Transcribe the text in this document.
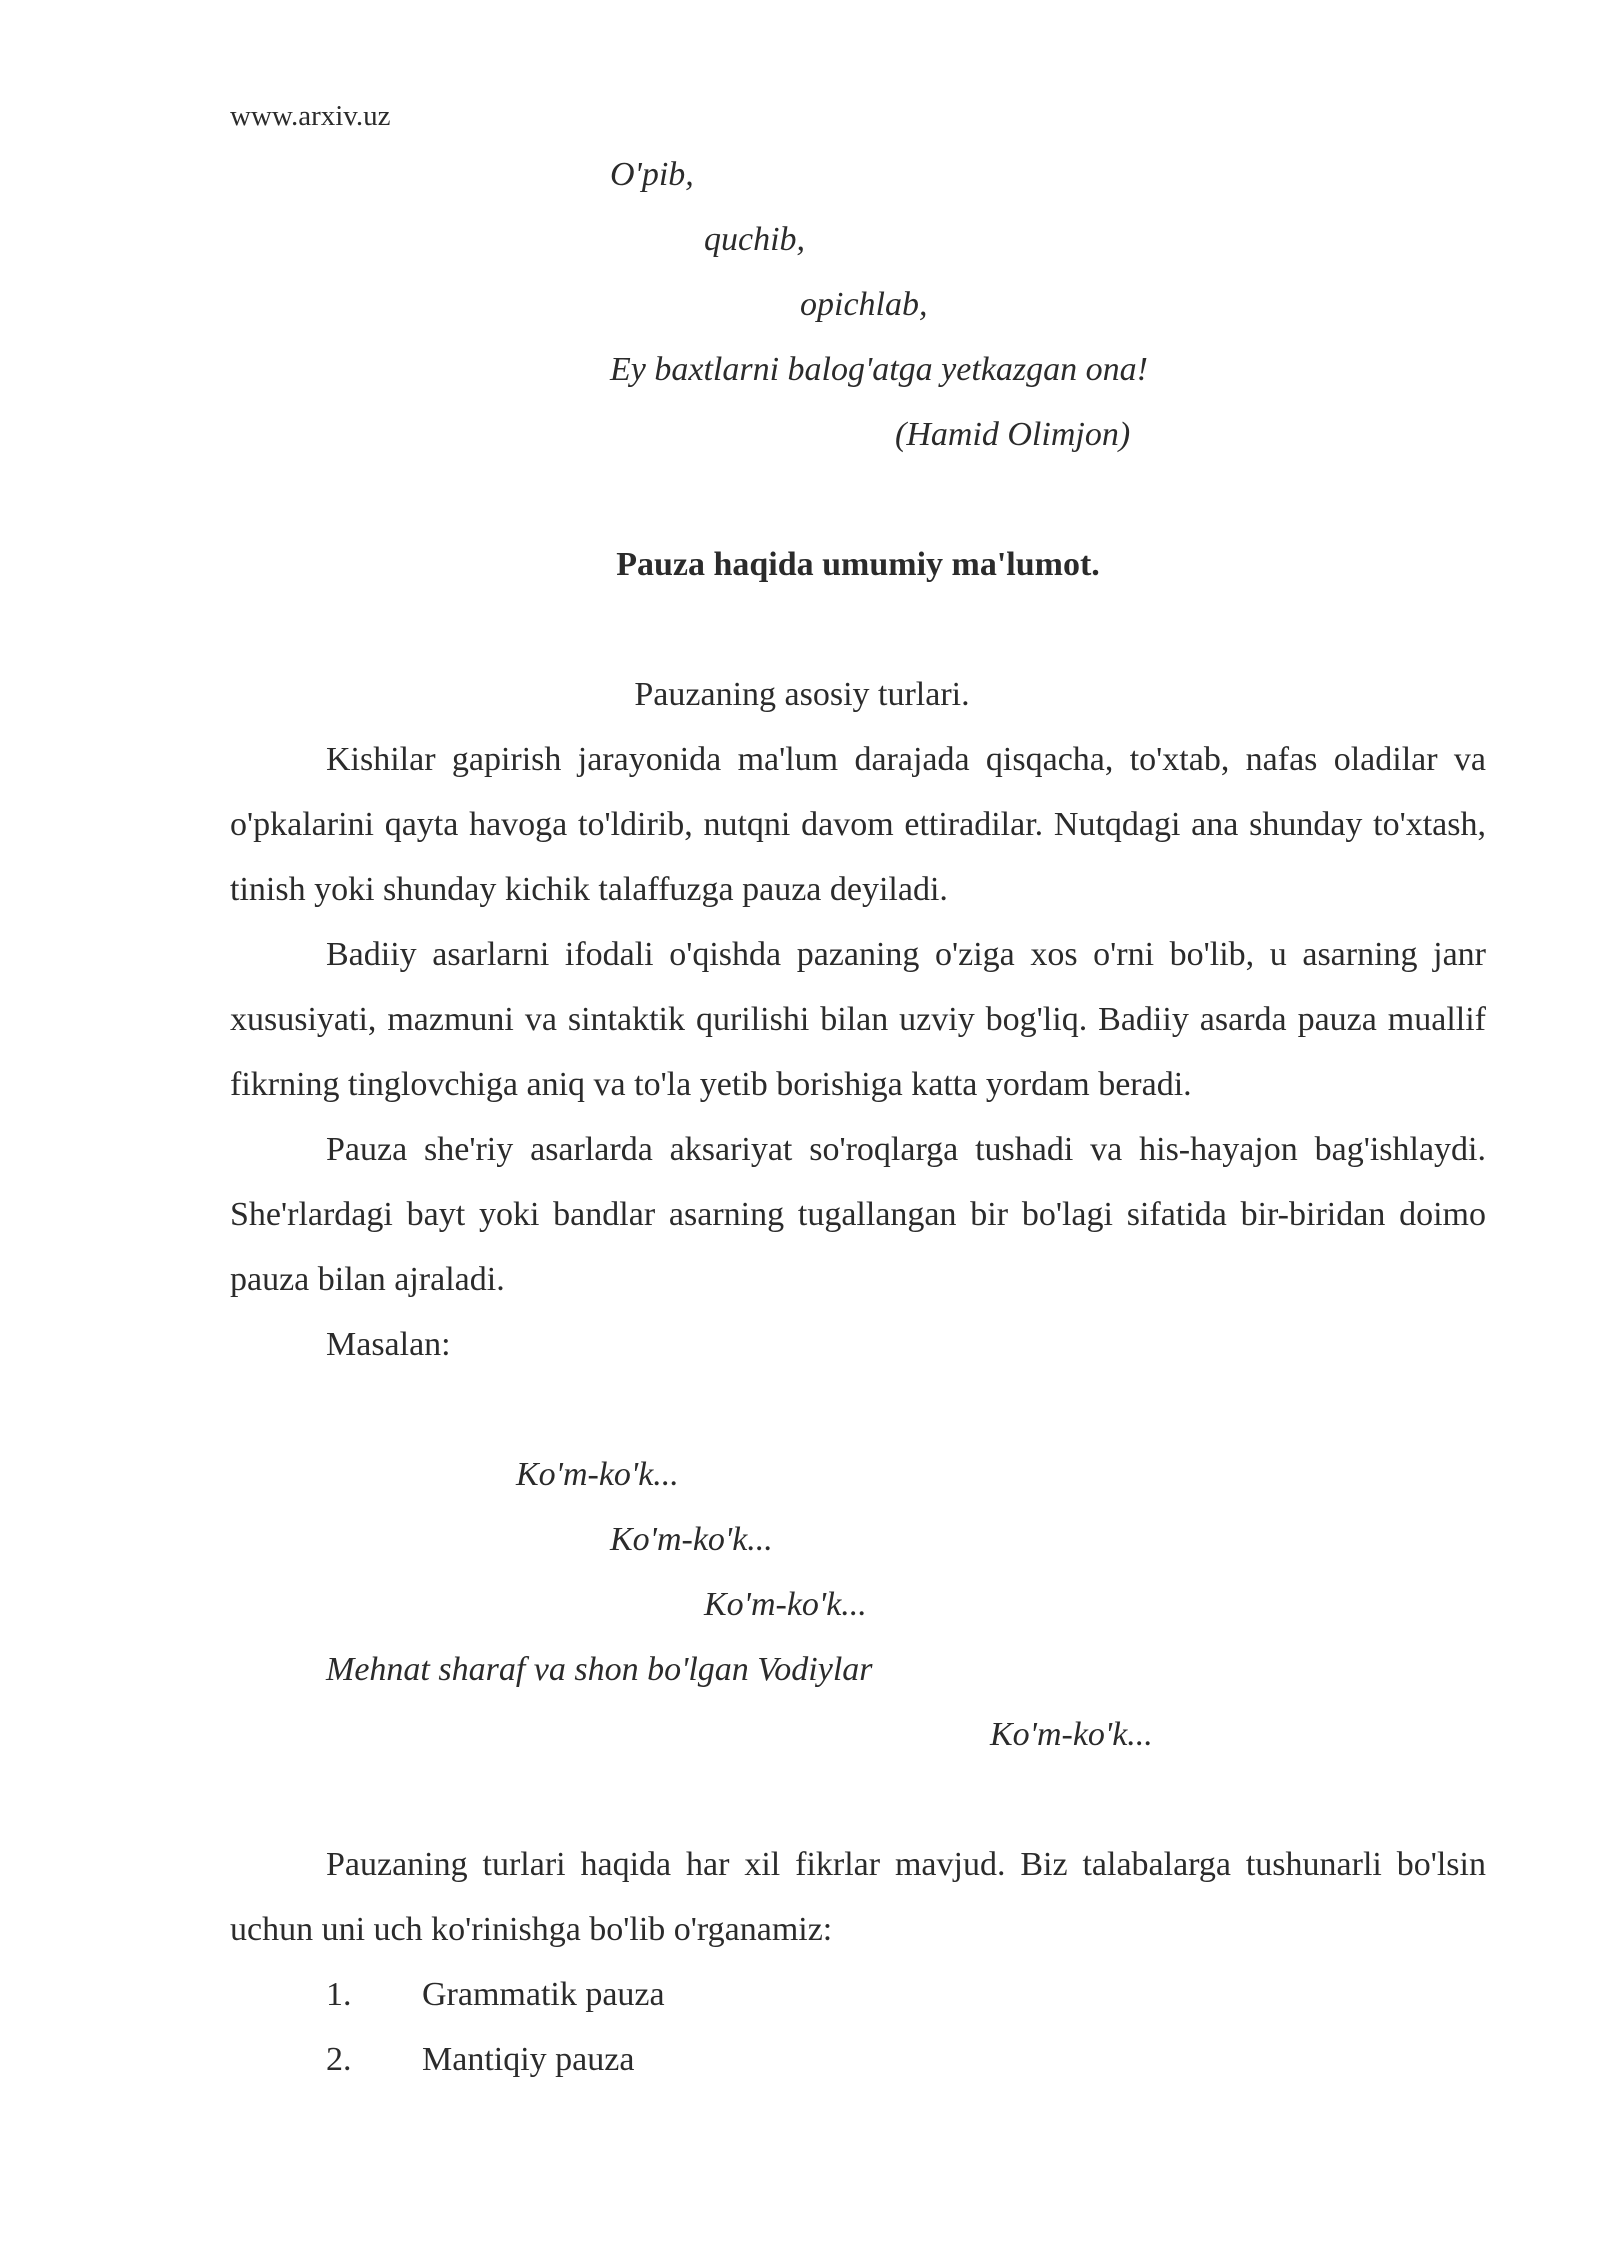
www.arxiv.uz
O'pib,
quchib,
opichlab,
Ey baxtlarni balog'atga yetkazgan ona!
(Hamid Olimjon)
Pauza haqida umumiy ma'lumot.
Pauzaning asosiy turlari.

Kishilar gapirish jarayonida ma'lum darajada qisqacha, to'xtab, nafas oladilar va o'pkalarini qayta havoga to'ldirib, nutqni davom ettiradilar. Nutqdagi ana shunday to'xtash, tinish yoki shunday kichik talaffuzga pauza deyiladi.

Badiiy asarlarni ifodali o'qishda pazaning o'ziga xos o'rni bo'lib, u asarning janr xususiyati, mazmuni va sintaktik qurilishi bilan uzviy bog'liq. Badiiy asarda pauza muallif fikrning tinglovchiga aniq va to'la yetib borishiga katta yordam beradi.

Pauza she'riy asarlarda aksariyat so'roqlarga tushadi va his-hayajon bag'ishlaydi. She'rlardagi bayt yoki bandlar asarning tugallangan bir bo'lagi sifatida bir-biridan doimo pauza bilan ajraladi.

Masalan:

Ko'm-ko'k...
Ko'm-ko'k...
Ko'm-ko'k...
Mehnat sharaf va shon bo'lgan Vodiylar
Ko'm-ko'k...

Pauzaning turlari haqida har xil fikrlar mavjud. Biz talabalarga tushunarli bo'lsin uchun uni uch ko'rinishga bo'lib o'rganamiz:

1. Grammatik pauza
2. Mantiqiy pauza
